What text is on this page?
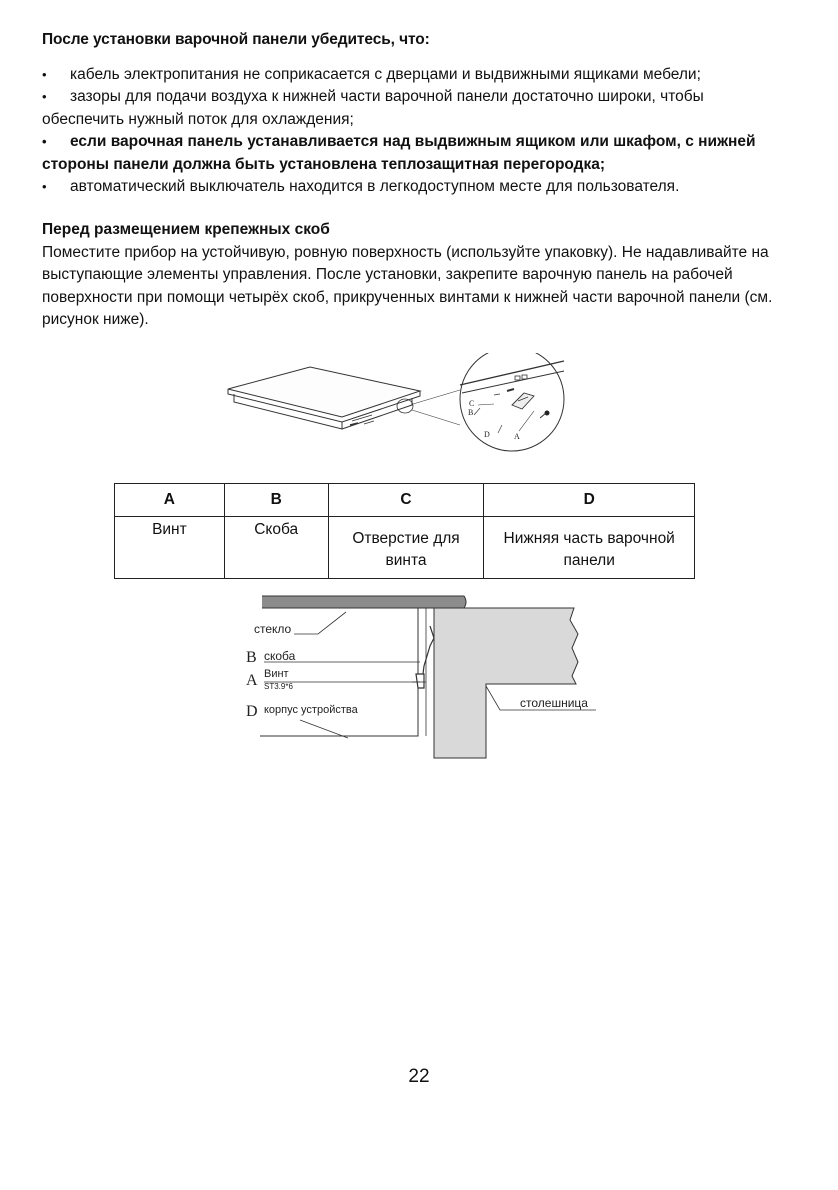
После установки варочной панели убедитесь, что:
• кабель электропитания не соприкасается с дверцами и выдвижными ящиками мебели;
• зазоры для подачи воздуха к нижней части варочной панели достаточно широки, чтобы обеспечить нужный поток для охлаждения;
• если варочная панель устанавливается над выдвижным ящиком или шкафом, с нижней стороны панели должна быть установлена теплозащитная перегородка;
• автоматический выключатель находится в легкодоступном месте для пользователя.
Перед размещением крепежных скоб
Поместите прибор на устойчивую, ровную поверхность (используйте упаковку). Не надавливайте на выступающие элементы управления. После установки, закрепите варочную панель на рабочей поверхности при помощи четырёх скоб, прикрученных винтами к нижней части варочной панели (см. рисунок ниже).
C
B
D	A
A	B	C	D
Винт	Скоба	Отверстие для винта	Нижняя часть варочной панели
стекло
B скоба
A Винт
ST3.9*6
D корпус устройства	столешница
22
